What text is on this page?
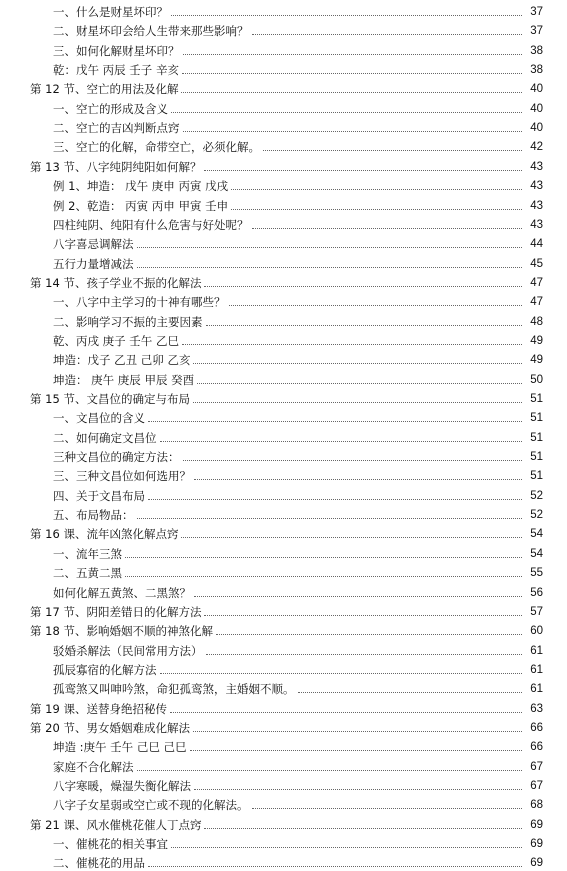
一、什么是财星坏印？	37
二、财星坏印会给人生带来那些影响？	37
三、如何化解财星坏印？	38
乾：戊午 丙辰 壬子 辛亥	38
第 12 节、空亡的用法及化解	40
一、空亡的形成及含义	40
二、空亡的吉凶判断点窍	40
三、空亡的化解，命带空亡，必须化解。	42
第 13 节、八字纯阴纯阳如何解？	43
例 1、坤造： 戊午 庚申 丙寅 戊戌	43
例 2、乾造： 丙寅 丙申 甲寅 壬申	43
四柱纯阴、纯阳有什么危害与好处呢？	43
八字喜忌调解法	44
五行力量增减法	45
第 14 节、孩子学业不振的化解法	47
一、八字中主学习的十神有哪些？	47
二、影响学习不振的主要因素	48
乾、丙戌 庚子 壬午 乙巳	49
坤造：戊子 乙丑 己卯 乙亥	49
坤造： 庚午 庚辰 甲辰 癸酉	50
第 15 节、文昌位的确定与布局	51
一、文昌位的含义	51
二、如何确定文昌位	51
三种文昌位的确定方法：	51
三、三种文昌位如何选用？	51
四、关于文昌布局	52
五、布局物品：	52
第 16 课、流年凶煞化解点窍	54
一、流年三煞	54
二、五黄二黑	55
如何化解五黄煞、二黑煞？	56
第 17 节、阴阳差错日的化解方法	57
第 18 节、影响婚姻不顺的神煞化解	60
驳婚杀解法（民间常用方法）	61
孤辰寡宿的化解方法	61
孤鸾煞又叫呻吟煞，命犯孤鸾煞，主婚姻不顺。	61
第 19 课、送替身绝招秘传	63
第 20 节、男女婚姻难成化解法	66
坤造 :庚午 壬午 己巳 己巳	66
家庭不合化解法	67
八字寒暖，燥湿失衡化解法	67
八字子女星弱或空亡或不现的化解法。	68
第 21 课、风水催桃花催人丁点窍	69
一、催桃花的相关事宜	69
二、催桃花的用品	69
